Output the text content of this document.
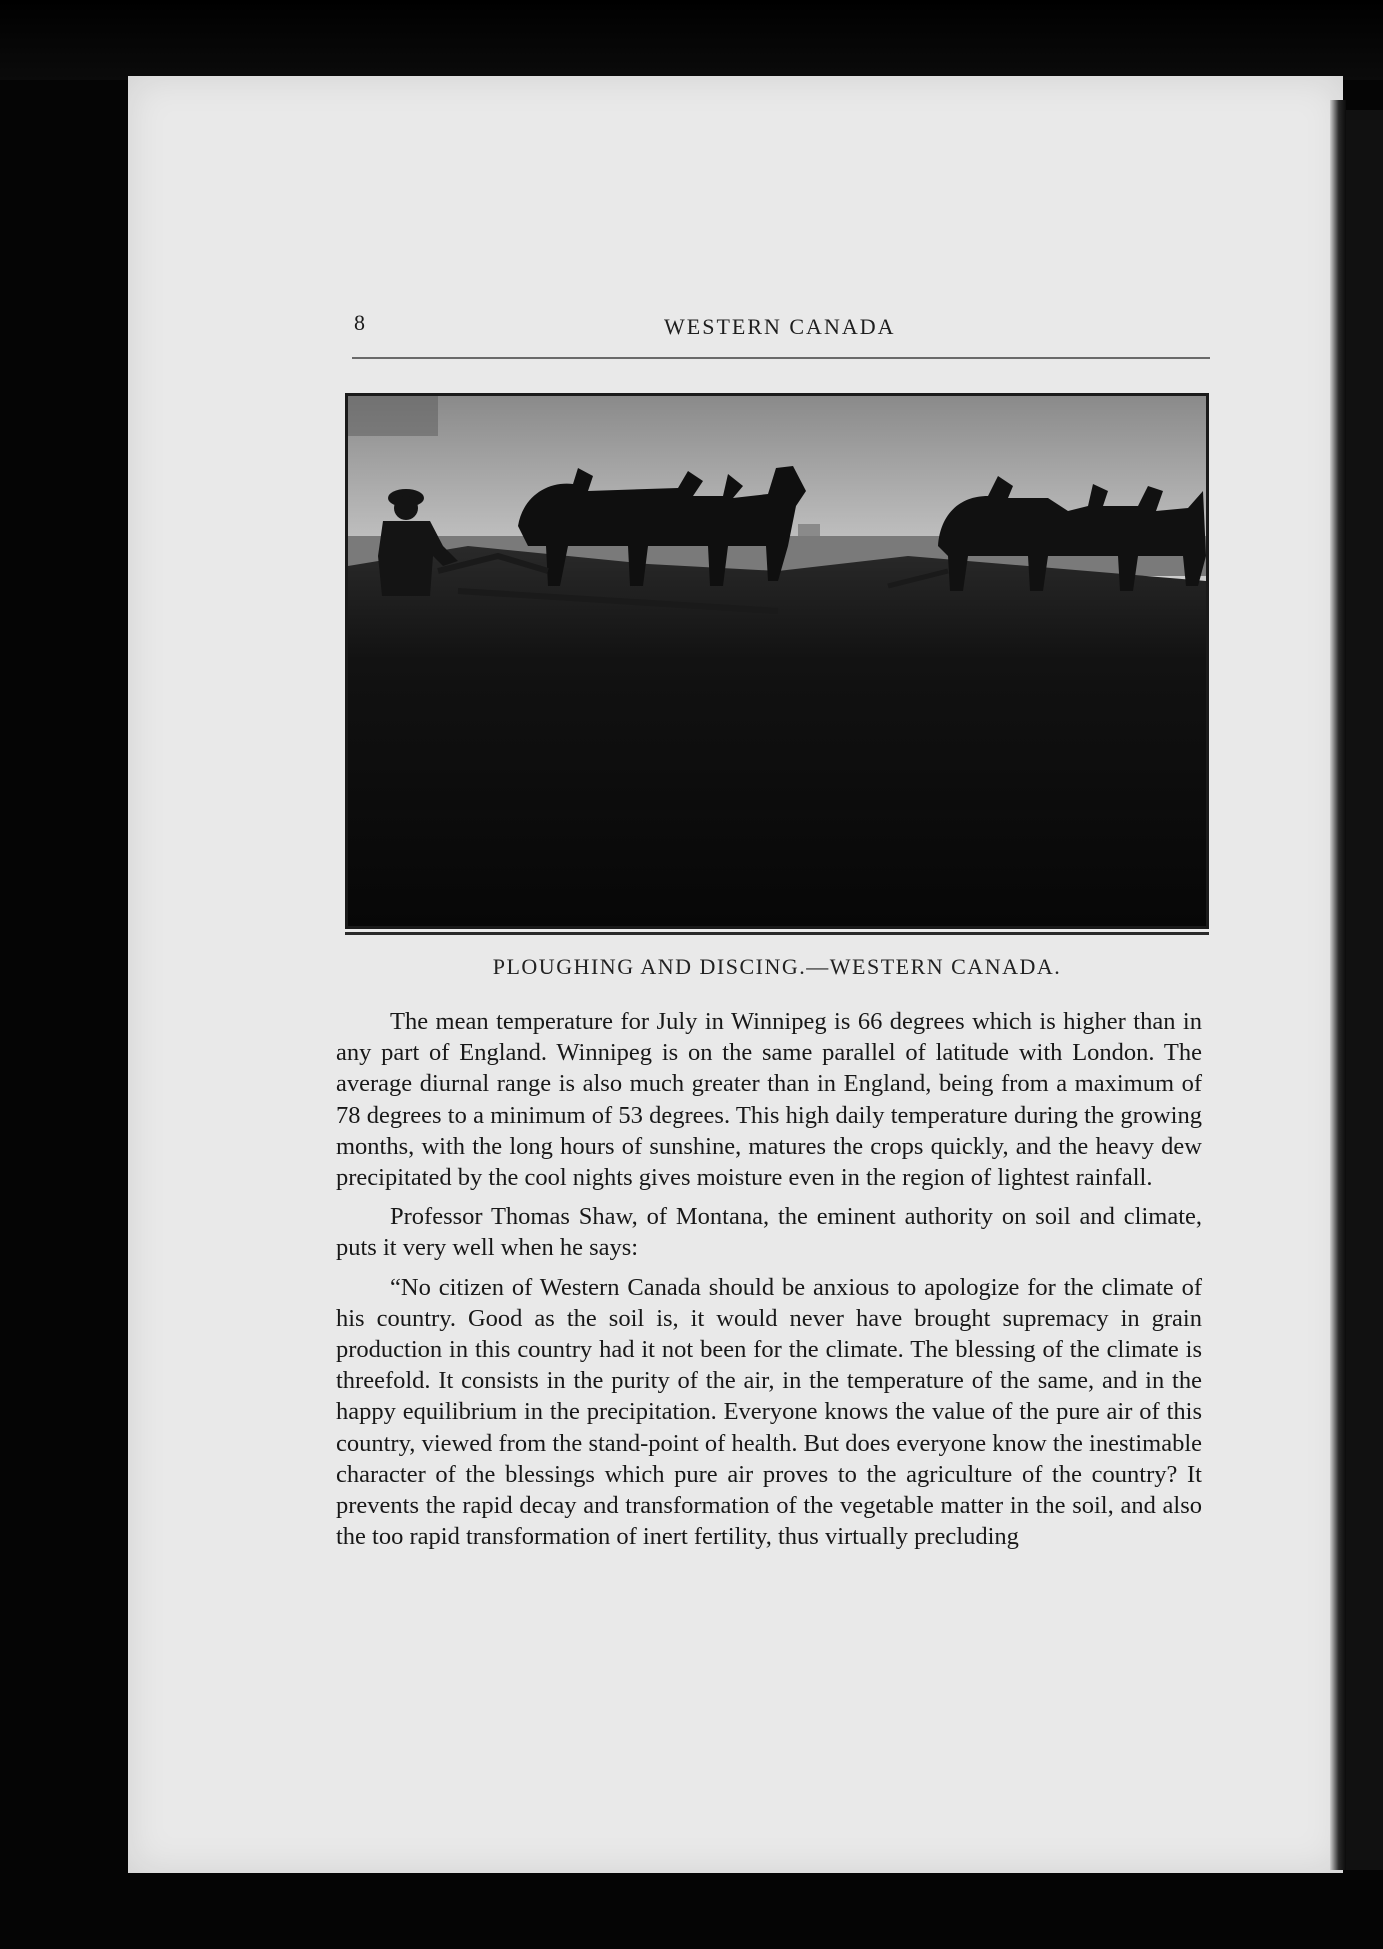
8	WESTERN CANADA
PLOUGHING AND DISCING.—WESTERN CANADA.

The mean temperature for July in Winnipeg is 66 degrees which is higher than in any part of England. Winnipeg is on the same parallel of latitude with London. The average diurnal range is also much greater than in England, being from a maximum of 78 degrees to a minimum of 53 degrees. This high daily temperature during the growing months, with the long hours of sunshine, matures the crops quickly, and the heavy dew precipitated by the cool nights gives moisture even in the region of lightest rainfall.

Professor Thomas Shaw, of Montana, the eminent authority on soil and climate, puts it very well when he says:

“No citizen of Western Canada should be anxious to apologize for the climate of his country. Good as the soil is, it would never have brought supremacy in grain production in this country had it not been for the climate. The blessing of the climate is threefold. It consists in the purity of the air, in the temperature of the same, and in the happy equilibrium in the precipitation. Everyone knows the value of the pure air of this country, viewed from the stand-point of health. But does everyone know the inestimable character of the blessings which pure air proves to the agriculture of the country? It prevents the rapid decay and transformation of the vegetable matter in the soil, and also the too rapid transformation of inert fertility, thus virtually precluding
